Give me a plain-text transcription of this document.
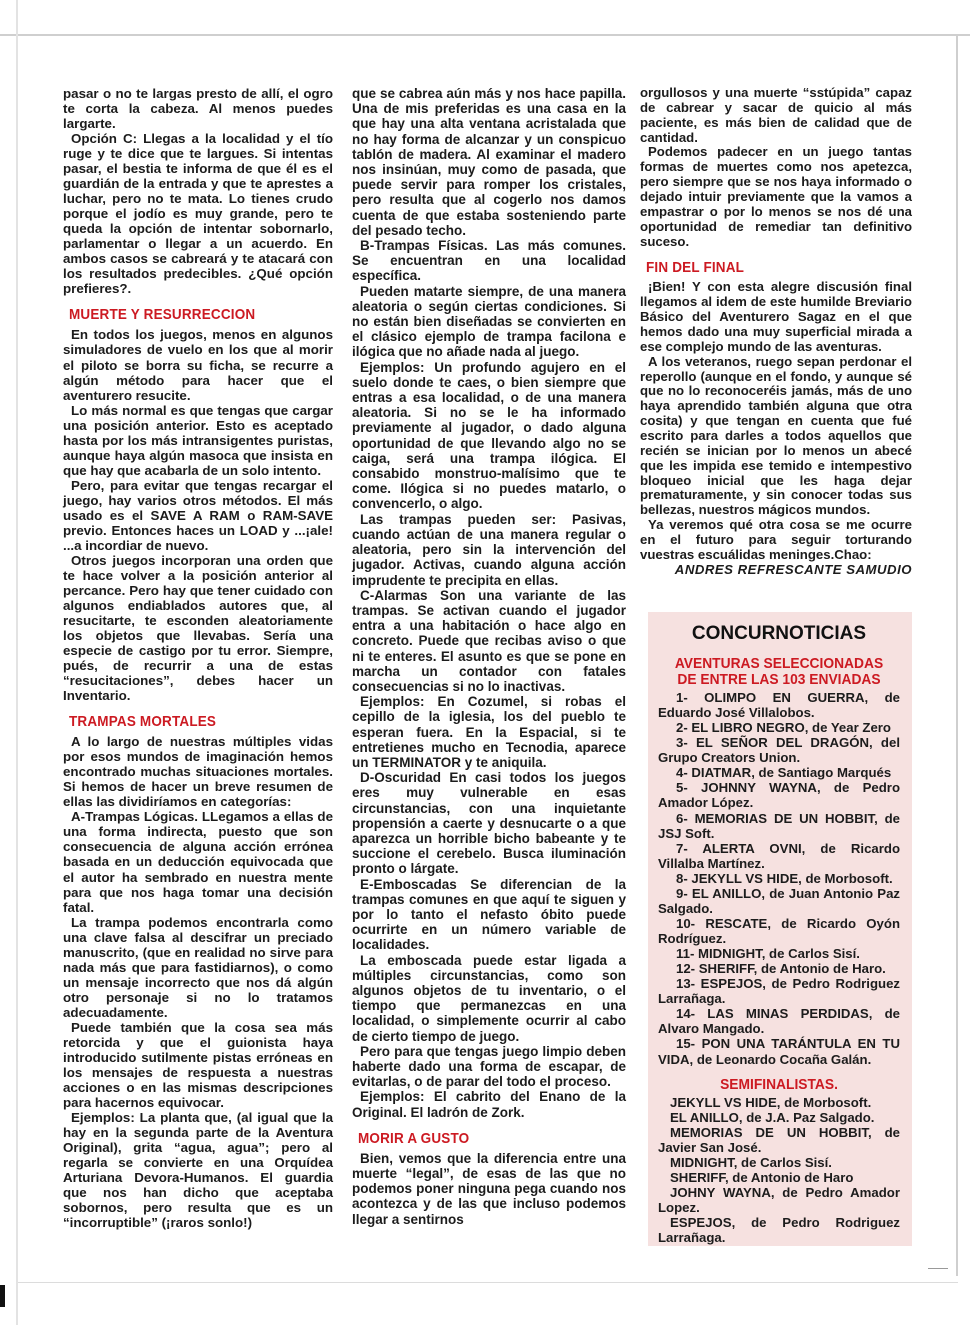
pasar o no te largas presto de allí, el ogro te corta la cabeza. Al menos puedes largarte.

Opción C: Llegas a la localidad y el tío ruge y te dice que te largues. Si intentas pasar, el bestia te informa de que él es el guardián de la entrada y que te aprestes a luchar, pero no te mata. Lo tienes crudo porque el jodío es muy grande, pero te queda la opción de intentar sobornarlo, parlamentar o llegar a un acuerdo. En ambos casos se cabreará y te atacará con los resultados predecibles. ¿Qué opción prefieres?.

MUERTE Y RESURRECCION

En todos los juegos, menos en algunos simuladores de vuelo en los que al morir el piloto se borra su ficha, se recurre a algún método para hacer que el aventurero resucite.

Lo más normal es que tengas que cargar una posición anterior. Esto es aceptado hasta por los más intransigentes puristas, aunque haya algún masoca que insista en que hay que acabarla de un solo intento.

Pero, para evitar que tengas recargar el juego, hay varios otros métodos. El más usado es el SAVE A RAM o RAM-SAVE previo. Entonces haces un LOAD y ...¡ale! ...a incordiar de nuevo.

Otros juegos incorporan una orden que te hace volver a la posición anterior al percance. Pero hay que tener cuidado con algunos endiablados autores que, al resucitarte, te esconden aleatoriamente los objetos que llevabas. Sería una especie de castigo por tu error. Siempre, pués, de recurrir a una de estas “resucitaciones”, debes hacer un Inventario.

TRAMPAS MORTALES

A lo largo de nuestras múltiples vidas por esos mundos de imaginación hemos encontrado muchas situaciones mortales. Si hemos de hacer un breve resumen de ellas las dividiríamos en categorías:

A-Trampas Lógicas. LLegamos a ellas de una forma indirecta, puesto que son consecuencia de alguna acción errónea basada en un deducción equivocada que el autor ha sembrado en nuestra mente para que nos haga tomar una decisión fatal.

La trampa podemos encontrarla como una clave falsa al descifrar un preciado manuscrito, (que en realidad no sirve para nada más que para fastidiarnos), o como un mensaje incorrecto que nos dá algún otro personaje si no lo tratamos adecuadamente.

Puede también que la cosa sea más retorcida y que el guionista haya introducido sutilmente pistas erróneas en los mensajes de respuesta a nuestras acciones o en las mismas descripciones para hacernos equivocar.

Ejemplos: La planta que, (al igual que la hay en la segunda parte de la Aventura Original), grita “agua, agua”; pero al regarla se convierte en una Orquídea Arturiana Devora-Humanos. El guardia que nos han dicho que aceptaba sobornos, pero resulta que es un “incorruptible” (¡raros sonlo!)

que se cabrea aún más y nos hace papilla. Una de mis preferidas es una casa en la que hay una alta ventana acristalada que no hay forma de alcanzar y un conspicuo tablón de madera. Al examinar el madero nos insinúan, muy como de pasada, que puede servir para romper los cristales, pero resulta que al cogerlo nos damos cuenta de que estaba sosteniendo parte del pesado techo.

B-Trampas Físicas. Las más comunes. Se encuentran en una localidad específica.

Pueden matarte siempre, de una manera aleatoria o según ciertas condiciones. Si no están bien diseñadas se convierten en el clásico ejemplo de trampa facilona e ilógica que no añade nada al juego.

Ejemplos: Un profundo agujero en el suelo donde te caes, o bien siempre que entras a esa localidad, o de una manera aleatoria. Si no se le ha informado previamente al jugador, o dado alguna oportunidad de que llevando algo no se caiga, será una trampa ilógica. El consabido monstruo-malísimo que te come. Ilógica si no puedes matarlo, o convencerlo, o algo.

Las trampas pueden ser: Pasivas, cuando actúan de una manera regular o aleatoria, pero sin la intervención del jugador. Activas, cuando alguna acción imprudente te precipita en ellas.

C-Alarmas Son una variante de las trampas. Se activan cuando el jugador entra a una habitación o hace algo en concreto. Puede que recibas aviso o que ni te enteres. El asunto es que se pone en marcha un contador con fatales consecuencias si no lo inactivas.

Ejemplos: En Cozumel, si robas el cepillo de la iglesia, los del pueblo te esperan fuera. En la Espacial, si te entretienes mucho en Tecnodia, aparece un TERMINATOR y te aniquila.

D-Oscuridad En casi todos los juegos eres muy vulnerable en esas circunstancias, con una inquietante propensión a caerte y desnucarte o a que aparezca un horrible bicho babeante y te succione el cerebelo. Busca iluminación pronto o lárgate.

E-Emboscadas Se diferencian de la trampas comunes en que aquí te siguen y por lo tanto el nefasto óbito puede ocurrirte en un número variable de localidades.

La emboscada puede estar ligada a múltiples circunstancias, como son algunos objetos de tu inventario, o el tiempo que permanezcas en una localidad, o simplemente ocurrir al cabo de cierto tiempo de juego.

Pero para que tengas juego limpio deben haberte dado una forma de escapar, de evitarlas, o de parar del todo el proceso.

Ejemplos: El cabrito del Enano de la Original. El ladrón de Zork.

MORIR A GUSTO

Bien, vemos que la diferencia entre una muerte “legal”, de esas de las que no podemos poner ninguna pega cuando nos acontezca y de las que incluso podemos llegar a sentirnos

orgullosos y una muerte “sstúpida” capaz de cabrear y sacar de quicio al más paciente, es más bien de calidad que de cantidad.

Podemos padecer en un juego tantas formas de muertes como nos apetezca, pero siempre que se nos haya informado o dejado intuir previamente que la vamos a empastrar o por lo menos se nos dé una oportunidad de remediar tan definitivo suceso.

FIN DEL FINAL

¡Bien! Y con esta alegre discusión final llegamos al idem de este humilde Breviario Básico del Aventurero Sagaz en el que hemos dado una muy superficial mirada a ese complejo mundo de las aventuras.

A los veteranos, ruego sepan perdonar el reperollo (aunque en el fondo, y aunque sé que no lo reconoceréis jamás, más de uno haya aprendido también alguna que otra cosita) y que tengan en cuenta que fué escrito para darles a todos aquellos que recién se inician por lo menos un abecé que les impida ese temido e intempestivo bloqueo inicial que les haga dejar prematuramente, y sin conocer todas sus bellezas, nuestros mágicos mundos.

Ya veremos qué otra cosa se me ocurre en el futuro para seguir torturando vuestras escuálidas meninges.Chao:

ANDRES REFRESCANTE SAMUDIO

CONCURNOTICIAS
AVENTURAS SELECCIONADAS
DE ENTRE LAS 103 ENVIADAS
1- OLIMPO EN GUERRA, de Eduardo José Villalobos.
2- EL LIBRO NEGRO, de Year Zero
3- EL SEÑOR DEL DRAGÓN, del Grupo Creators Union.
4- DIATMAR, de Santiago Marqués
5- JOHNNY WAYNA, de Pedro Amador López.
6- MEMORIAS DE UN HOBBIT, de JSJ Soft.
7- ALERTA OVNI, de Ricardo Villalba Martínez.
8- JEKYLL VS HIDE, de Morbosoft.
9- EL ANILLO, de Juan Antonio Paz Salgado.
10- RESCATE, de Ricardo Oyón Rodríguez.
11- MIDNIGHT, de Carlos Sisí.
12- SHERIFF, de Antonio de Haro.
13- ESPEJOS, de Pedro Rodriguez Larrañaga.
14- LAS MINAS PERDIDAS, de Alvaro Mangado.
15- PON UNA TARÁNTULA EN TU VIDA, de Leonardo Cocaña Galán.
SEMIFINALISTAS.
JEKYLL VS HIDE, de Morbosoft.
EL ANILLO, de J.A. Paz Salgado.
MEMORIAS DE UN HOBBIT, de Javier San José.
MIDNIGHT, de Carlos Sisí.
SHERIFF, de Antonio de Haro
JOHNY WAYNA, de Pedro Amador Lopez.
ESPEJOS, de Pedro Rodriguez Larrañaga.
